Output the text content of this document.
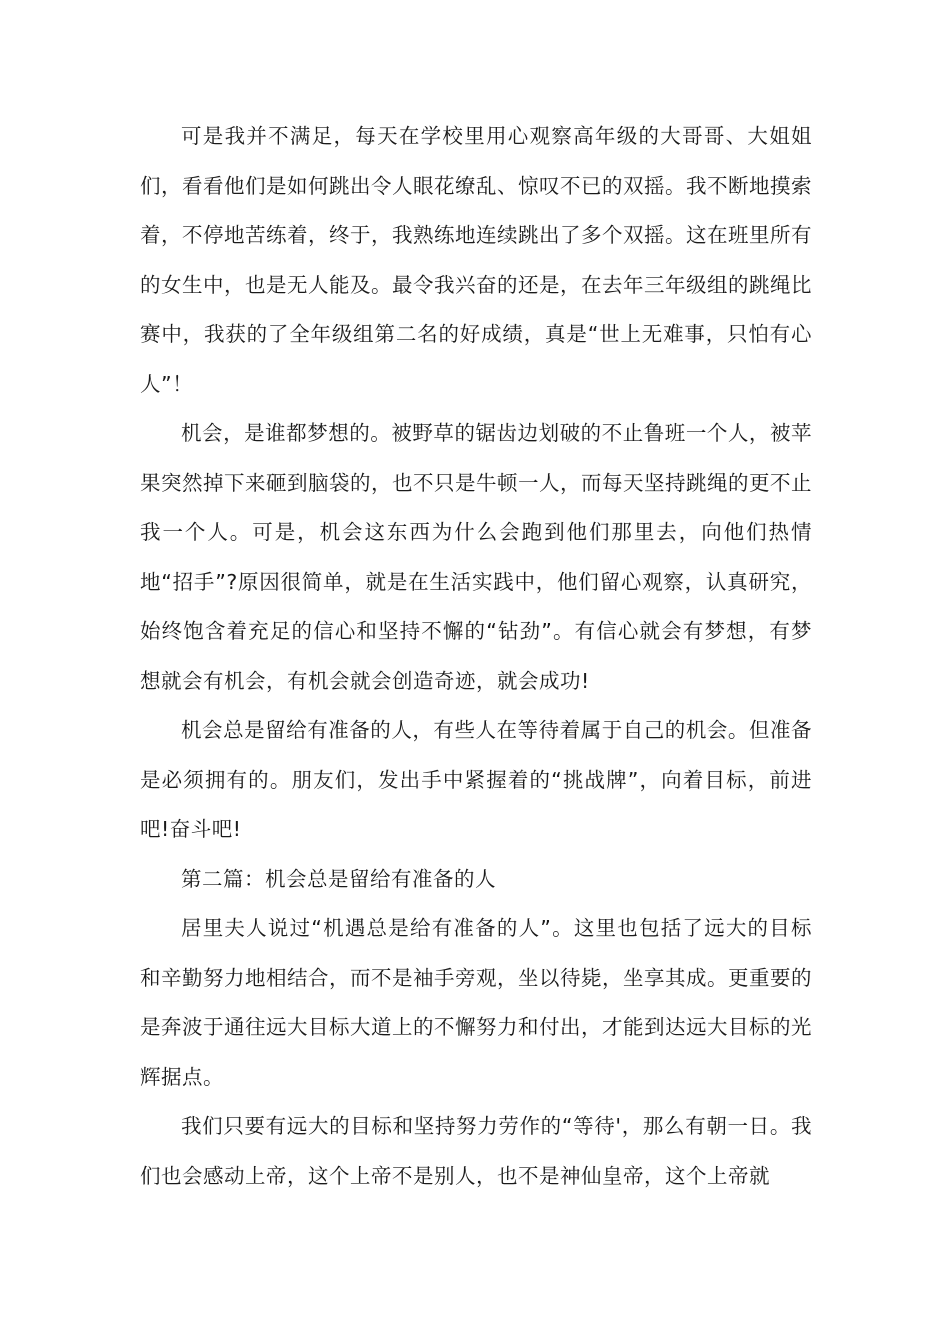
可是我并不满足，每天在学校里用心观察高年级的大哥哥、大姐姐们，看看他们是如何跳出令人眼花缭乱、惊叹不已的双摇。我不断地摸索着，不停地苦练着，终于，我熟练地连续跳出了多个双摇。这在班里所有的女生中，也是无人能及。最令我兴奋的还是，在去年三年级组的跳绳比赛中，我获的了全年级组第二名的好成绩，真是“世上无难事，只怕有心人”！

机会，是谁都梦想的。被野草的锯齿边划破的不止鲁班一个人，被苹果突然掉下来砸到脑袋的，也不只是牛顿一人，而每天坚持跳绳的更不止我一个人。可是，机会这东西为什么会跑到他们那里去，向他们热情地“招手”?原因很简单，就是在生活实践中，他们留心观察，认真研究，始终饱含着充足的信心和坚持不懈的“钻劲”。有信心就会有梦想，有梦想就会有机会，有机会就会创造奇迹，就会成功!

机会总是留给有准备的人，有些人在等待着属于自己的机会。但准备是必须拥有的。朋友们，发出手中紧握着的“挑战牌”，向着目标，前进吧!奋斗吧!

第二篇：机会总是留给有准备的人

居里夫人说过“机遇总是给有准备的人”。这里也包括了远大的目标和辛勤努力地相结合，而不是袖手旁观，坐以待毙，坐享其成。更重要的是奔波于通往远大目标大道上的不懈努力和付出，才能到达远大目标的光辉据点。

我们只要有远大的目标和坚持努力劳作的“等待'，那么有朝一日。我们也会感动上帝，这个上帝不是别人，也不是神仙皇帝，这个上帝就
